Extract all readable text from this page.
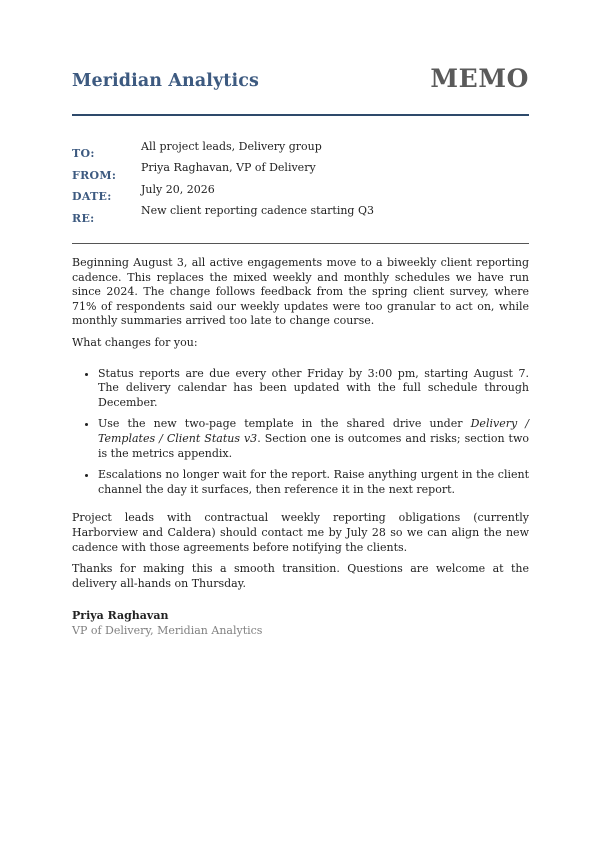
Meridian Analytics	MEMO
TO:
FROM:
DATE:
RE:
All project leads, Delivery group
Priya Raghavan, VP of Delivery
July 20, 2026
New client reporting cadence starting Q3

Beginning August 3, all active engagements move to a biweekly client reporting cadence. This replaces the mixed weekly and monthly schedules we have run since 2024. The change follows feedback from the spring client survey, where 71% of respondents said our weekly updates were too granular to act on, while monthly summaries arrived too late to change course.

What changes for you:

• Status reports are due every other Friday by 3:00 pm, starting August 7. The delivery calendar has been updated with the full schedule through December.
• Use the new two-page template in the shared drive under Delivery / Templates / Client Status v3. Section one is outcomes and risks; section two is the metrics appendix.
• Escalations no longer wait for the report. Raise anything urgent in the client channel the day it surfaces, then reference it in the next report.

Project leads with contractual weekly reporting obligations (currently Harborview and Caldera) should contact me by July 28 so we can align the new cadence with those agreements before notifying the clients.

Thanks for making this a smooth transition. Questions are welcome at the delivery all-hands on Thursday.

Priya Raghavan
VP of Delivery, Meridian Analytics
